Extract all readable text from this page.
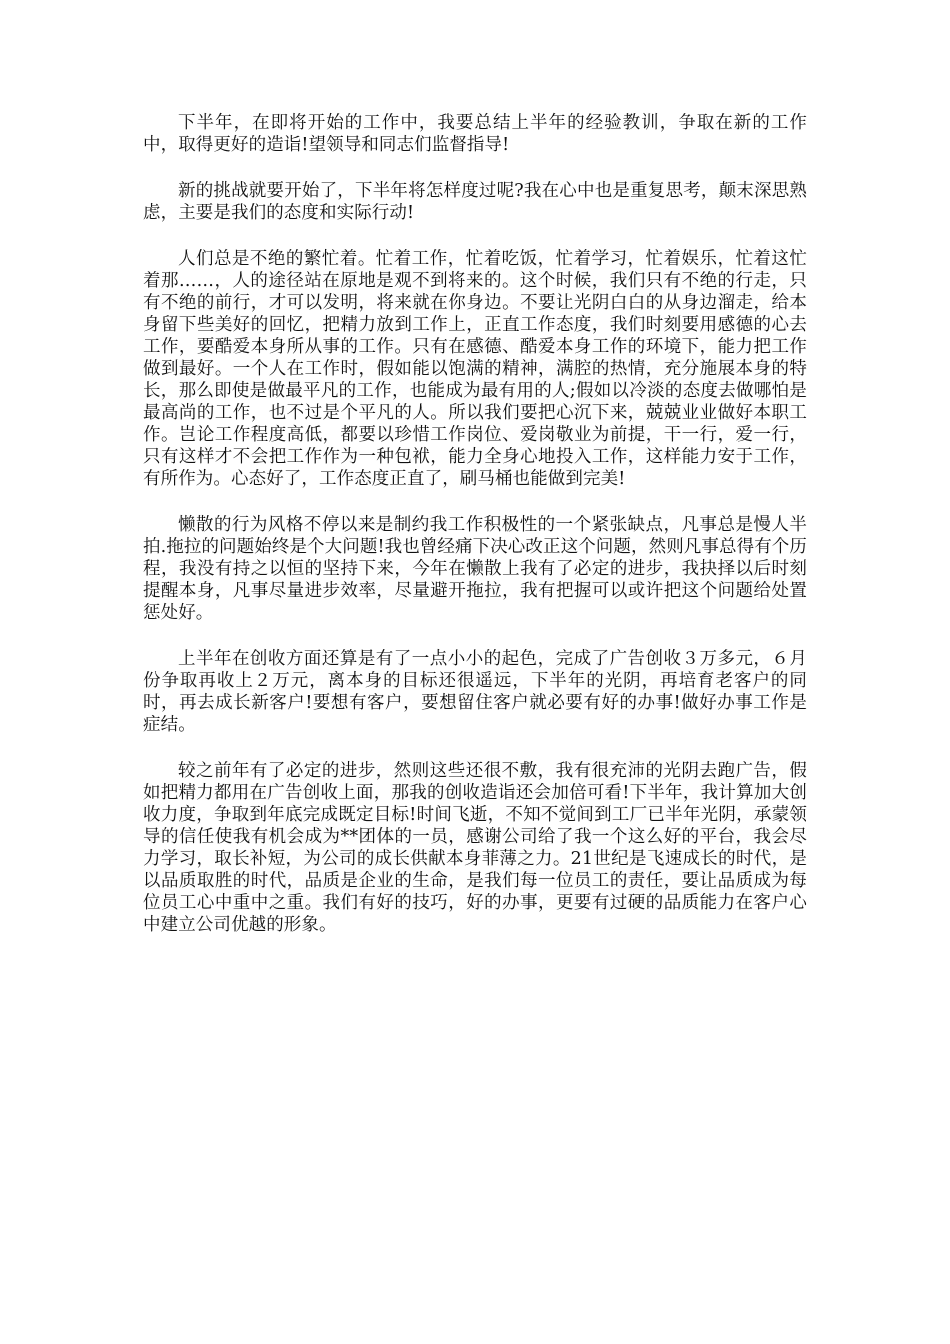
下半年，在即将开始的工作中，我要总结上半年的经验教训，争取在新的工作中，取得更好的造诣!望领导和同志们监督指导!

新的挑战就要开始了，下半年将怎样度过呢?我在心中也是重复思考，颠末深思熟虑，主要是我们的态度和实际行动!

人们总是不绝的繁忙着。忙着工作，忙着吃饭，忙着学习，忙着娱乐，忙着这忙着那……，人的途径站在原地是观不到将来的。这个时候，我们只有不绝的行走，只有不绝的前行，才可以发明，将来就在你身边。不要让光阴白白的从身边溜走，给本身留下些美好的回忆，把精力放到工作上，正直工作态度，我们时刻要用感德的心去工作，要酷爱本身所从事的工作。只有在感德、酷爱本身工作的环境下，能力把工作做到最好。一个人在工作时，假如能以饱满的精神，满腔的热情，充分施展本身的特长，那么即使是做最平凡的工作，也能成为最有用的人;假如以冷淡的态度去做哪怕是最高尚的工作，也不过是个平凡的人。所以我们要把心沉下来，兢兢业业做好本职工作。岂论工作程度高低，都要以珍惜工作岗位、爱岗敬业为前提，干一行，爱一行，只有这样才不会把工作作为一种包袱，能力全身心地投入工作，这样能力安于工作，有所作为。心态好了，工作态度正直了，刷马桶也能做到完美!

懒散的行为风格不停以来是制约我工作积极性的一个紧张缺点，凡事总是慢人半拍.拖拉的问题始终是个大问题!我也曾经痛下决心改正这个问题，然则凡事总得有个历程，我没有持之以恒的坚持下来，今年在懒散上我有了必定的进步，我抉择以后时刻提醒本身，凡事尽量进步效率，尽量避开拖拉，我有把握可以或许把这个问题给处置惩处好。

上半年在创收方面还算是有了一点小小的起色，完成了广告创收３万多元，６月份争取再收上２万元，离本身的目标还很遥远，下半年的光阴，再培育老客户的同时，再去成长新客户!要想有客户，要想留住客户就必要有好的办事!做好办事工作是症结。

较之前年有了必定的进步，然则这些还很不敷，我有很充沛的光阴去跑广告，假如把精力都用在广告创收上面，那我的创收造诣还会加倍可看!下半年，我计算加大创收力度，争取到年底完成既定目标!时间飞逝，不知不觉间到工厂已半年光阴，承蒙领导的信任使我有机会成为**团体的一员，感谢公司给了我一个这么好的平台，我会尽力学习，取长补短，为公司的成长供献本身菲薄之力。21世纪是飞速成长的时代，是以品质取胜的时代，品质是企业的生命，是我们每一位员工的责任，要让品质成为每位员工心中重中之重。我们有好的技巧，好的办事，更要有过硬的品质能力在客户心中建立公司优越的形象。
